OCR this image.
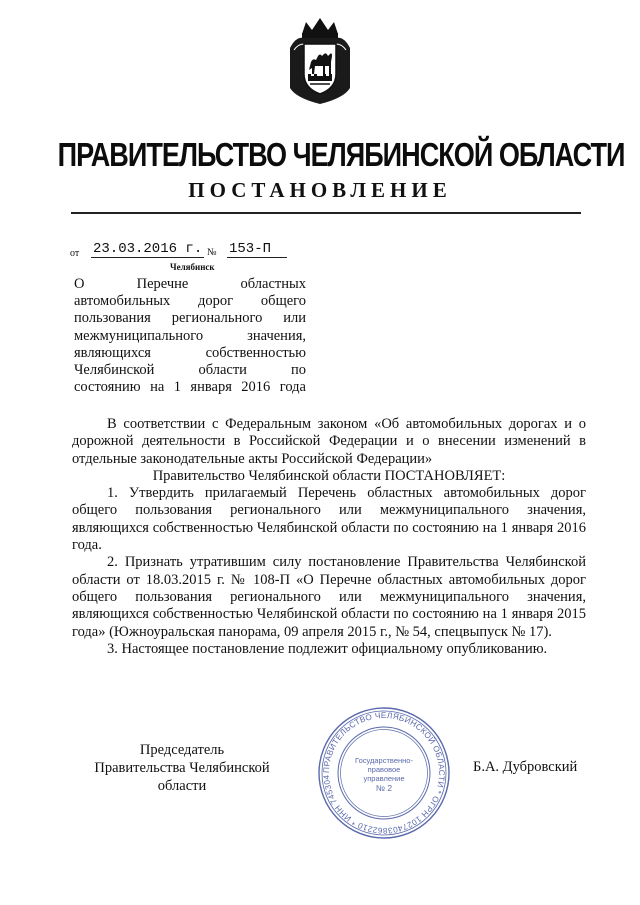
ПРАВИТЕЛЬСТВО ЧЕЛЯБИНСКОЙ ОБЛАСТИ
ПОСТАНОВЛЕНИЕ
от 23.03.2016 г. № 153-П
Челябинск
О Перечне областных
автомобильных дорог общего
пользования регионального или
межмуниципального значения,
являющихся собственностью
Челябинской области по
состоянию на 1 января 2016 года

В соответствии с Федеральным законом «Об автомобильных дорогах и о дорожной деятельности в Российской Федерации и о внесении изменений в отдельные законодательные акты Российской Федерации»

Правительство Челябинской области ПОСТАНОВЛЯЕТ:

1. Утвердить прилагаемый Перечень областных автомобильных дорог общего пользования регионального или межмуниципального значения, являющихся собственностью Челябинской области по состоянию на 1 января 2016 года.

2. Признать утратившим силу постановление Правительства Челябинской области от 18.03.2015 г. № 108-П «О Перечне областных автомобильных дорог общего пользования регионального или межмуниципального значения, являющихся собственностью Челябинской области по состоянию на 1 января 2015 года» (Южноуральская панорама, 09 апреля 2015 г., № 54, спецвыпуск № 17).

3. Настоящее постановление подлежит официальному опубликованию.

Председатель
Правительства Челябинской области
Б.А. Дубровский
ПРАВИТЕЛЬСТВО ЧЕЛЯБИНСКОЙ ОБЛАСТИ * ОГРН 1027403862210 * ИНН 745304
Государственно-
правовое
управление
№ 2
